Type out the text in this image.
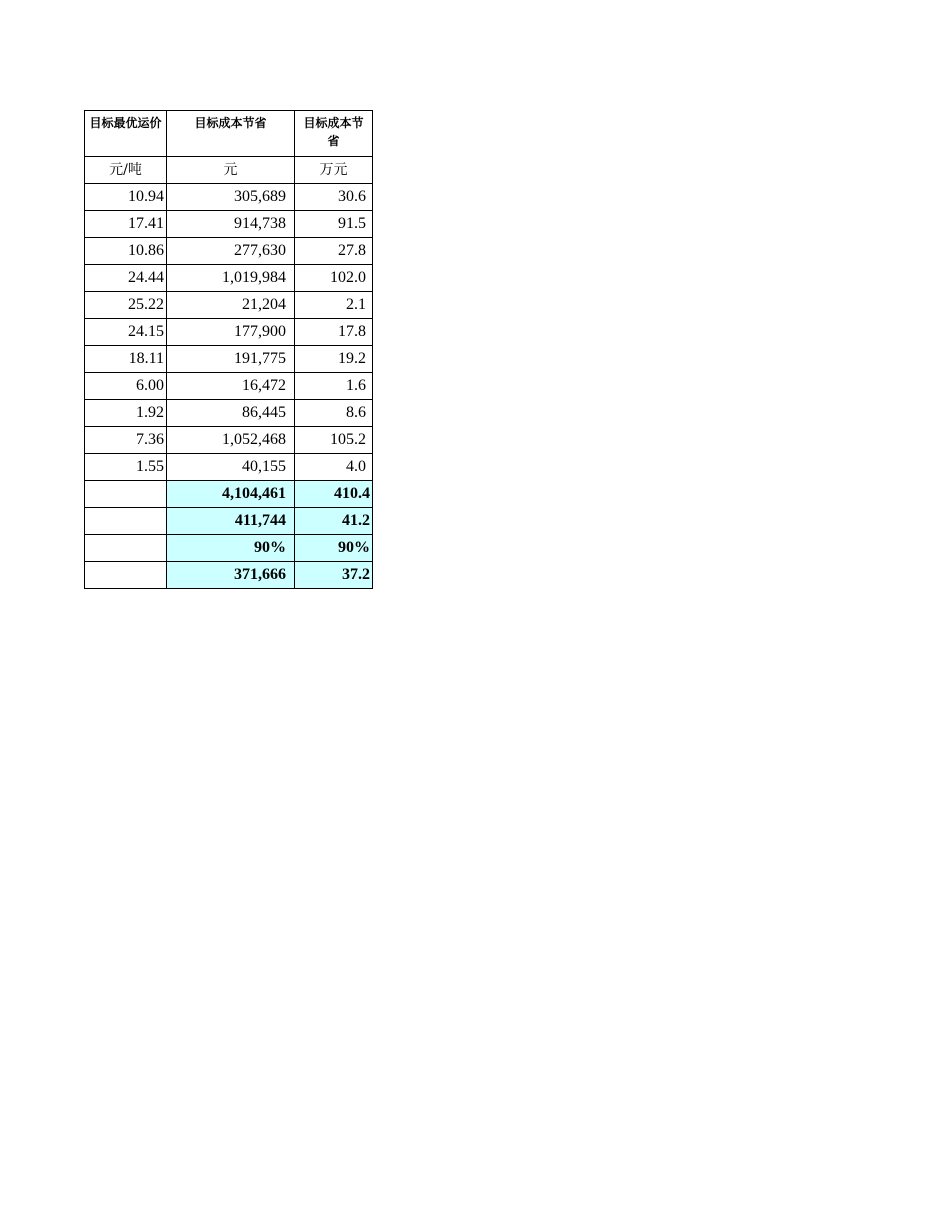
目标最优运价	目标成本节省	目标成本节省
元/吨	元	万元
10.94	305,689	30.6
17.41	914,738	91.5
10.86	277,630	27.8
24.44	1,019,984	102.0
25.22	21,204	2.1
24.15	177,900	17.8
18.11	191,775	19.2
6.00	16,472	1.6
1.92	86,445	8.6
7.36	1,052,468	105.2
1.55	40,155	4.0
	4,104,461	410.4
	411,744	41.2
	90%	90%
	371,666	37.2
